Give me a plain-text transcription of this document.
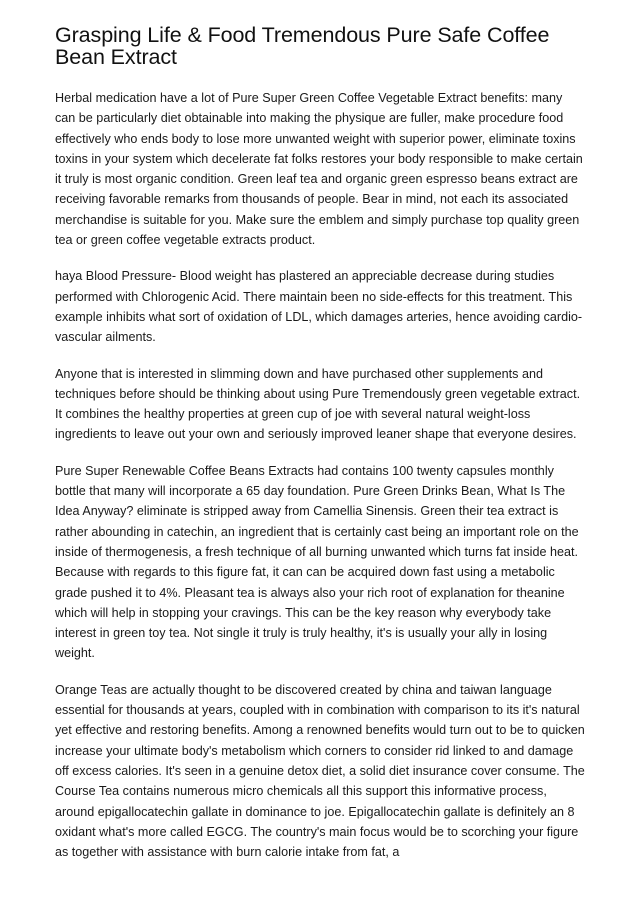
Grasping Life & Food Tremendous Pure Safe Coffee Bean Extract

Herbal medication have a lot of Pure Super Green Coffee Vegetable Extract benefits: many can be particularly diet obtainable into making the physique are fuller, make procedure food effectively who ends body to lose more unwanted weight with superior power, eliminate toxins toxins in your system which decelerate fat folks restores your body responsible to make certain it truly is most organic condition. Green leaf tea and organic green espresso beans extract are receiving favorable remarks from thousands of people. Bear in mind, not each its associated merchandise is suitable for you. Make sure the emblem and simply purchase top quality green tea or green coffee vegetable extracts product.

haya Blood Pressure- Blood weight has plastered an appreciable decrease during studies performed with Chlorogenic Acid. There maintain been no side-effects for this treatment. This example inhibits what sort of oxidation of LDL, which damages arteries, hence avoiding cardio-vascular ailments.

Anyone that is interested in slimming down and have purchased other supplements and techniques before should be thinking about using Pure Tremendously green vegetable extract. It combines the healthy properties at green cup of joe with several natural weight-loss ingredients to leave out your own and seriously improved leaner shape that everyone desires.

Pure Super Renewable Coffee Beans Extracts had contains 100 twenty capsules monthly bottle that many will incorporate a 65 day foundation. Pure Green Drinks Bean, What Is The Idea Anyway? eliminate is stripped away from Camellia Sinensis. Green their tea extract is rather abounding in catechin, an ingredient that is certainly cast being an important role on the inside of thermogenesis, a fresh technique of all burning unwanted which turns fat inside heat. Because with regards to this figure fat, it can can be acquired down fast using a metabolic grade pushed it to 4%. Pleasant tea is always also your rich root of explanation for theanine which will help in stopping your cravings. This can be the key reason why everybody take interest in green toy tea. Not single it truly is truly healthy, it's is usually your ally in losing weight.

Orange Teas are actually thought to be discovered created by china and taiwan language essential for thousands at years, coupled with in combination with comparison to its it's natural yet effective and restoring benefits. Among a renowned benefits would turn out to be to quicken increase your ultimate body's metabolism which corners to consider rid linked to and damage off excess calories. It's seen in a genuine detox diet, a solid diet insurance cover consume. The Course Tea contains numerous micro chemicals all this support this informative process, around epigallocatechin gallate in dominance to joe. Epigallocatechin gallate is definitely an 8 oxidant what's more called EGCG. The country's main focus would be to scorching your figure as together with assistance with burn calorie intake from fat, a
